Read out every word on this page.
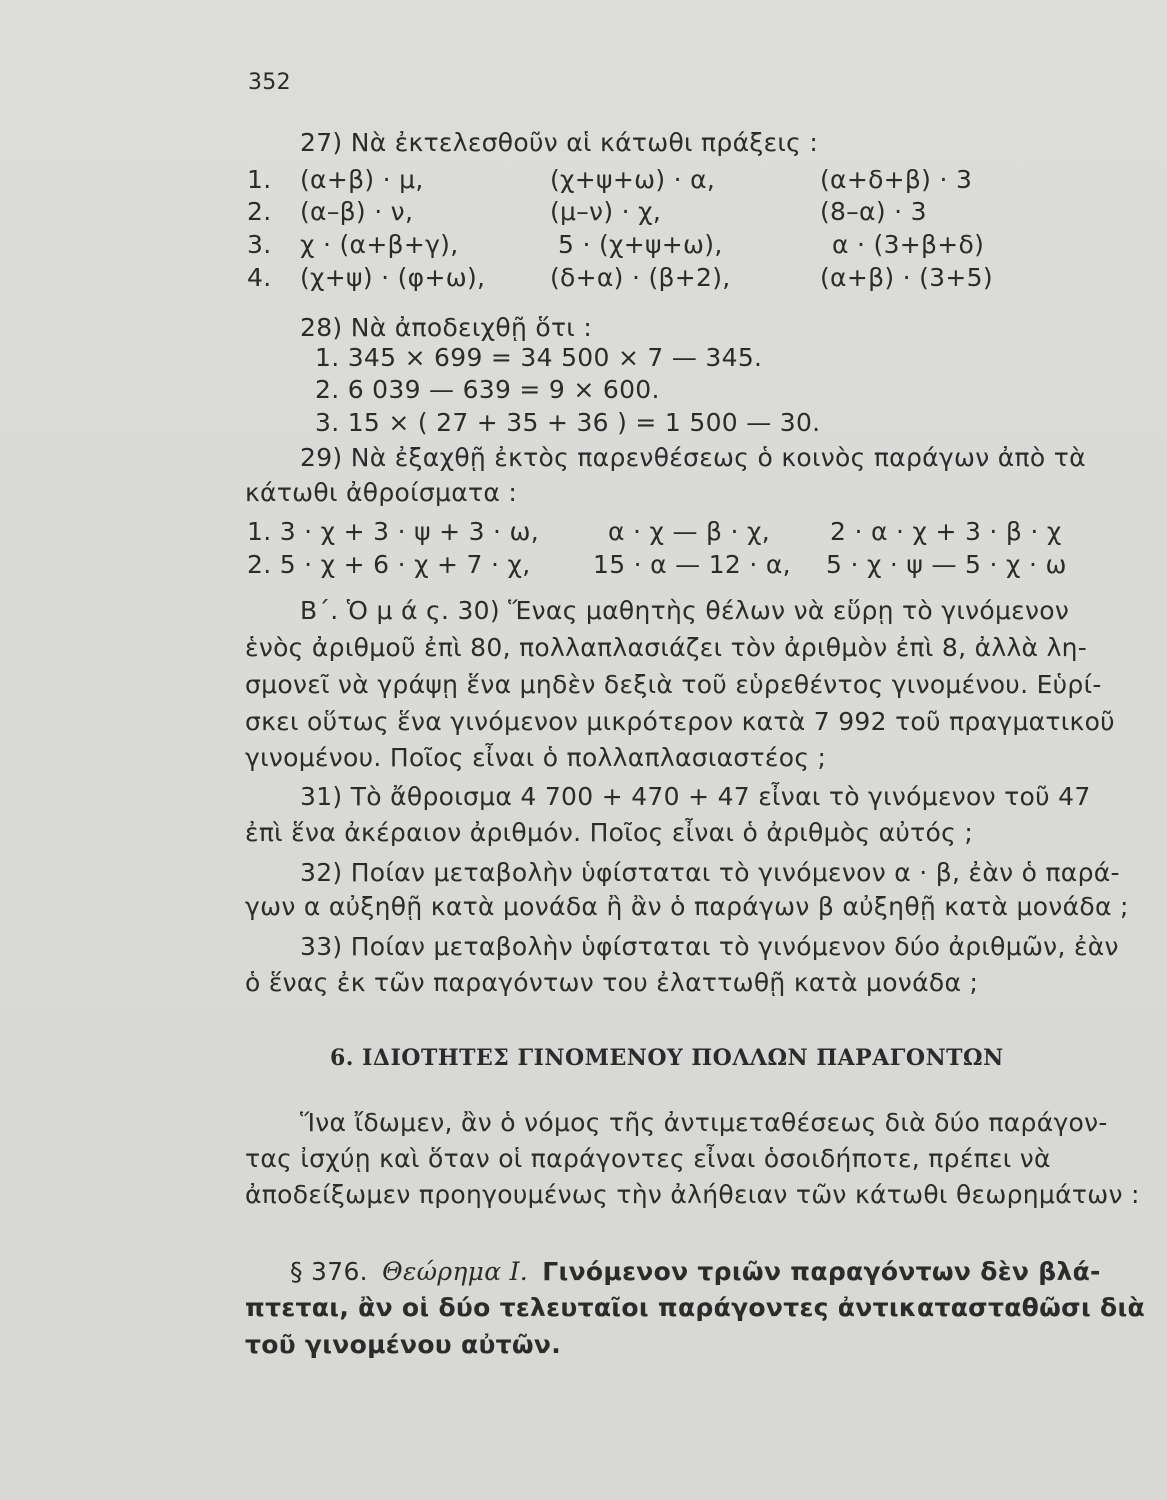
352
27) Νὰ ἐκτελεσθοῦν αἱ κάτωθι πράξεις :
1. (α+β) · μ,	(χ+ψ+ω) · α,	(α+δ+β) · 3
2. (α–β) · ν,	(μ–ν) · χ,	(8–α) · 3
3. χ · (α+β+γ),	5 · (χ+ψ+ω),	α · (3+β+δ)
4. (χ+ψ) · (φ+ω),	(δ+α) · (β+2),	(α+β) · (3+5)
28) Νὰ ἀποδειχθῇ ὅτι :
1. 345 × 699 = 34 500 × 7 — 345.
2. 6 039 — 639 = 9 × 600.
3. 15 × ( 27 + 35 + 36 ) = 1 500 — 30.
29) Νὰ ἐξαχθῇ ἐκτὸς παρενθέσεως ὁ κοινὸς παράγων ἀπὸ τὰ
κάτωθι ἀθροίσματα :
1. 3 · χ + 3 · ψ + 3 · ω,	α · χ — β · χ, 2 · α · χ + 3 · β · χ
2. 5 · χ + 6 · χ + 7 · χ,	15 · α — 12 · α, 5 · χ · ψ — 5 · χ · ω
Β΄. Ὁ μ ά ς. 30) Ἕνας μαθητὴς θέλων νὰ εὕρῃ τὸ γινόμενον
ἑνὸς ἀριθμοῦ ἐπὶ 80, πολλαπλασιάζει τὸν ἀριθμὸν ἐπὶ 8, ἀλλὰ λη-
σμονεῖ νὰ γράψῃ ἕνα μηδὲν δεξιὰ τοῦ εὑρεθέντος γινομένου. Εὑρί-
σκει οὕτως ἕνα γινόμενον μικρότερον κατὰ 7 992 τοῦ πραγματικοῦ
γινομένου. Ποῖος εἶναι ὁ πολλαπλασιαστέος ;
31) Τὸ ἄθροισμα 4 700 + 470 + 47 εἶναι τὸ γινόμενον τοῦ 47
ἐπὶ ἕνα ἀκέραιον ἀριθμόν. Ποῖος εἶναι ὁ ἀριθμὸς αὐτός ;
32) Ποίαν μεταβολὴν ὑφίσταται τὸ γινόμενον α · β, ἐὰν ὁ παρά-
γων α αὐξηθῇ κατὰ μονάδα ἢ ἂν ὁ παράγων β αὐξηθῇ κατὰ μονάδα ;
33) Ποίαν μεταβολὴν ὑφίσταται τὸ γινόμενον δύο ἀριθμῶν, ἐὰν
ὁ ἕνας ἐκ τῶν παραγόντων του ἐλαττωθῇ κατὰ μονάδα ;
6. ΙΔΙΟΤΗΤΕΣ ΓΙΝΟΜΕΝΟΥ ΠΟΛΛΩΝ ΠΑΡΑΓΟΝΤΩΝ
Ἵνα ἴδωμεν, ἂν ὁ νόμος τῆς ἀντιμεταθέσεως διὰ δύο παράγον-
τας ἰσχύῃ καὶ ὅταν οἱ παράγοντες εἶναι ὁσοιδήποτε, πρέπει νὰ
ἀποδείξωμεν προηγουμένως τὴν ἀλήθειαν τῶν κάτωθι θεωρημάτων :
§ 376. Θεώρημα Ι. Γινόμενον τριῶν παραγόντων δὲν βλά-
πτεται, ἂν οἱ δύο τελευταῖοι παράγοντες ἀντικατασταθῶσι διὰ
τοῦ γινομένου αὐτῶν.
